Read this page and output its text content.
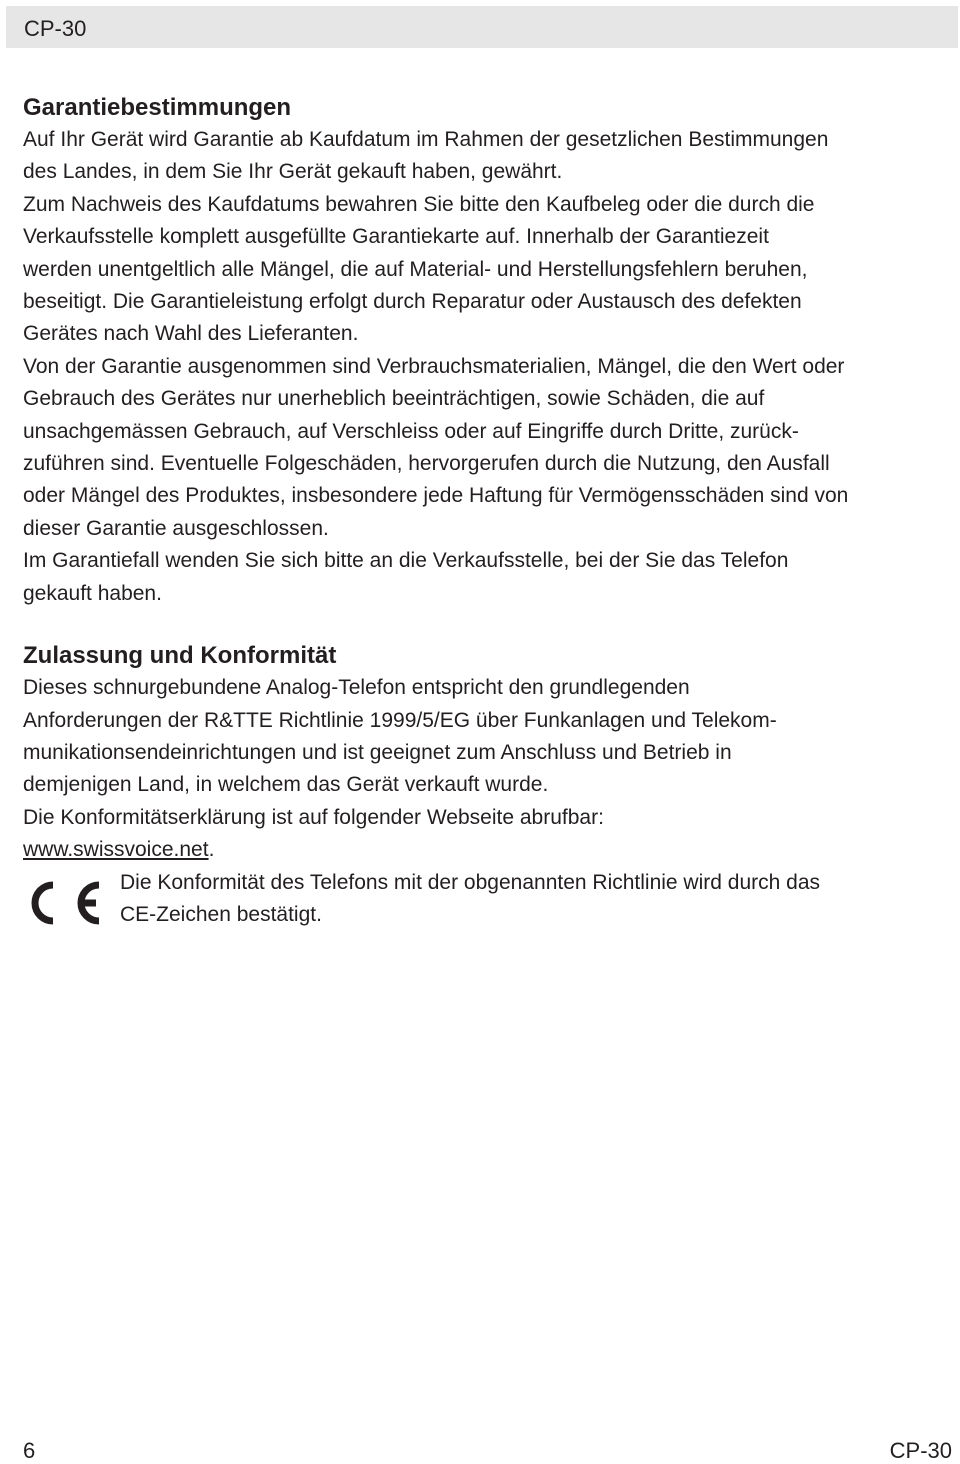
CP-30
Garantiebestimmungen

Auf Ihr Gerät wird Garantie ab Kaufdatum im Rahmen der gesetzlichen Bestimmungen

des Landes, in dem Sie Ihr Gerät gekauft haben, gewährt.

Zum Nachweis des Kaufdatums bewahren Sie bitte den Kaufbeleg oder die durch die

Verkaufsstelle komplett ausgefüllte Garantiekarte auf. Innerhalb der Garantiezeit

werden unentgeltlich alle Mängel, die auf Material- und Herstellungsfehlern beruhen,

beseitigt. Die Garantieleistung erfolgt durch Reparatur oder Austausch des defekten

Gerätes nach Wahl des Lieferanten.

Von der Garantie ausgenommen sind Verbrauchsmaterialien, Mängel, die den Wert oder

Gebrauch des Gerätes nur unerheblich beeinträchtigen, sowie Schäden, die auf

unsachgemässen Gebrauch, auf Verschleiss oder auf Eingriffe durch Dritte, zurück-

zuführen sind. Eventuelle Folgeschäden, hervorgerufen durch die Nutzung, den Ausfall

oder Mängel des Produktes, insbesondere jede Haftung für Vermögensschäden sind von

dieser Garantie ausgeschlossen.

Im Garantiefall wenden Sie sich bitte an die Verkaufsstelle, bei der Sie das Telefon

gekauft haben.

Zulassung und Konformität

Dieses schnurgebundene Analog-Telefon entspricht den grundlegenden

Anforderungen der R&TTE Richtlinie 1999/5/EG über Funkanlagen und Telekom-

munikationsendeinrichtungen und ist geeignet zum Anschluss und Betrieb in

demjenigen Land, in welchem das Gerät verkauft wurde.

Die Konformitätserklärung ist auf folgender Webseite abrufbar:

www.swissvoice.net.

Die Konformität des Telefons mit der obgenannten Richtlinie wird durch das

CE-Zeichen bestätigt.

6	CP-30
